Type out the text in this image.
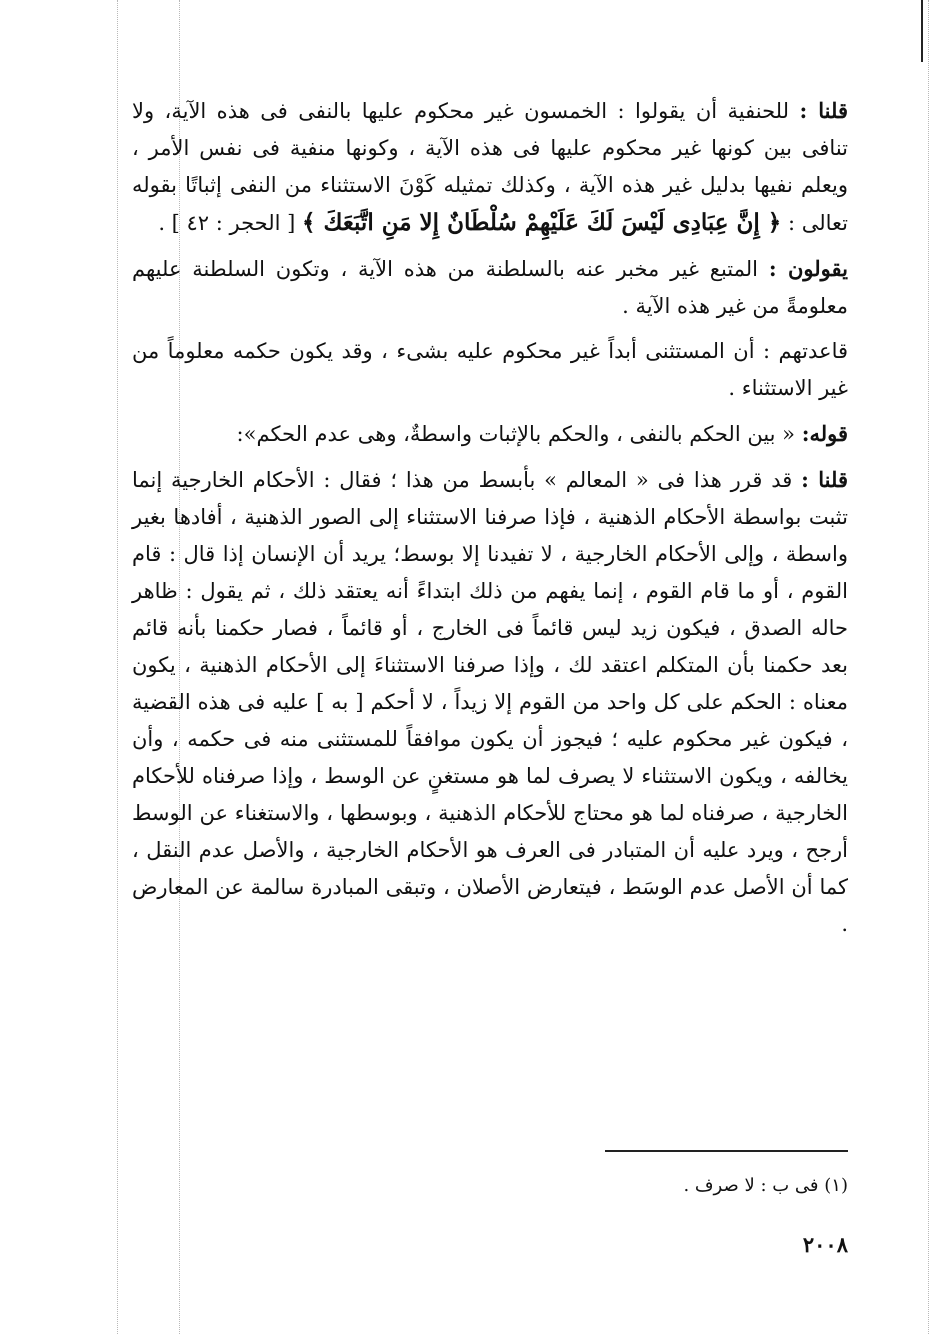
قلنا : للحنفية أن يقولوا : الخمسون غير محكوم عليها بالنفى فى هذه الآية، ولا تنافى بين كونها غير محكوم عليها فى هذه الآية ، وكونها منفية فى نفس الأمر ، ويعلم نفيها بدليل غير هذه الآية ، وكذلك تمثيله كَوْنَ الاستثناء من النفى إثباتًا بقوله تعالى : ﴿ إِنَّ عِبَادِى لَيْسَ لَكَ عَلَيْهِمْ سُلْطَانٌ إِلا مَنِ اتَّبَعَكَ ﴾ [ الحجر : ٤٢ ] .

يقولون : المتبع غير مخبر عنه بالسلطنة من هذه الآية ، وتكون السلطنة عليهم معلومةً من غير هذه الآية .

قاعدتهم : أن المستثنى أبداً غير محكوم عليه بشىء ، وقد يكون حكمه معلوماً من غير الاستثناء .

قوله: « بين الحكم بالنفى ، والحكم بالإثبات واسطةٌ، وهى عدم الحكم»:

قلنا : قد قرر هذا فى « المعالم » بأبسط من هذا ؛ فقال : الأحكام الخارجية إنما تثبت بواسطة الأحكام الذهنية ، فإذا صرفنا الاستثناء إلى الصور الذهنية ، أفادها بغير واسطة ، وإلى الأحكام الخارجية ، لا تفيدنا إلا بوسط؛ يريد أن الإنسان إذا قال : قام القوم ، أو ما قام القوم ، إنما يفهم من ذلك ابتداءً أنه يعتقد ذلك ، ثم يقول : ظاهر حاله الصدق ، فيكون زيد ليس قائماً فى الخارج ، أو قائماً ، فصار حكمنا بأنه قائم بعد حكمنا بأن المتكلم اعتقد لك ، وإذا صرفنا الاستثناءَ إلى الأحكام الذهنية ، يكون معناه : الحكم على كل واحد من القوم إلا زيداً ، لا أحكم [ به ] عليه فى هذه القضية ، فيكون غير محكوم عليه ؛ فيجوز أن يكون موافقاً للمستثنى منه فى حكمه ، وأن يخالفه ، ويكون الاستثناء لا يصرف لما هو مستغنٍ عن الوسط ، وإذا صرفناه للأحكام الخارجية ، صرفناه لما هو محتاج للأحكام الذهنية ، وبوسطها ، والاستغناء عن الوسط أرجح ، ويرد عليه أن المتبادر فى العرف هو الأحكام الخارجية ، والأصل عدم النقل ، كما أن الأصل عدم الوسَط ، فيتعارض الأصلان ، وتبقى المبادرة سالمة عن المعارض .

(١) فى ب : لا صرف .
٢٠٠٨
